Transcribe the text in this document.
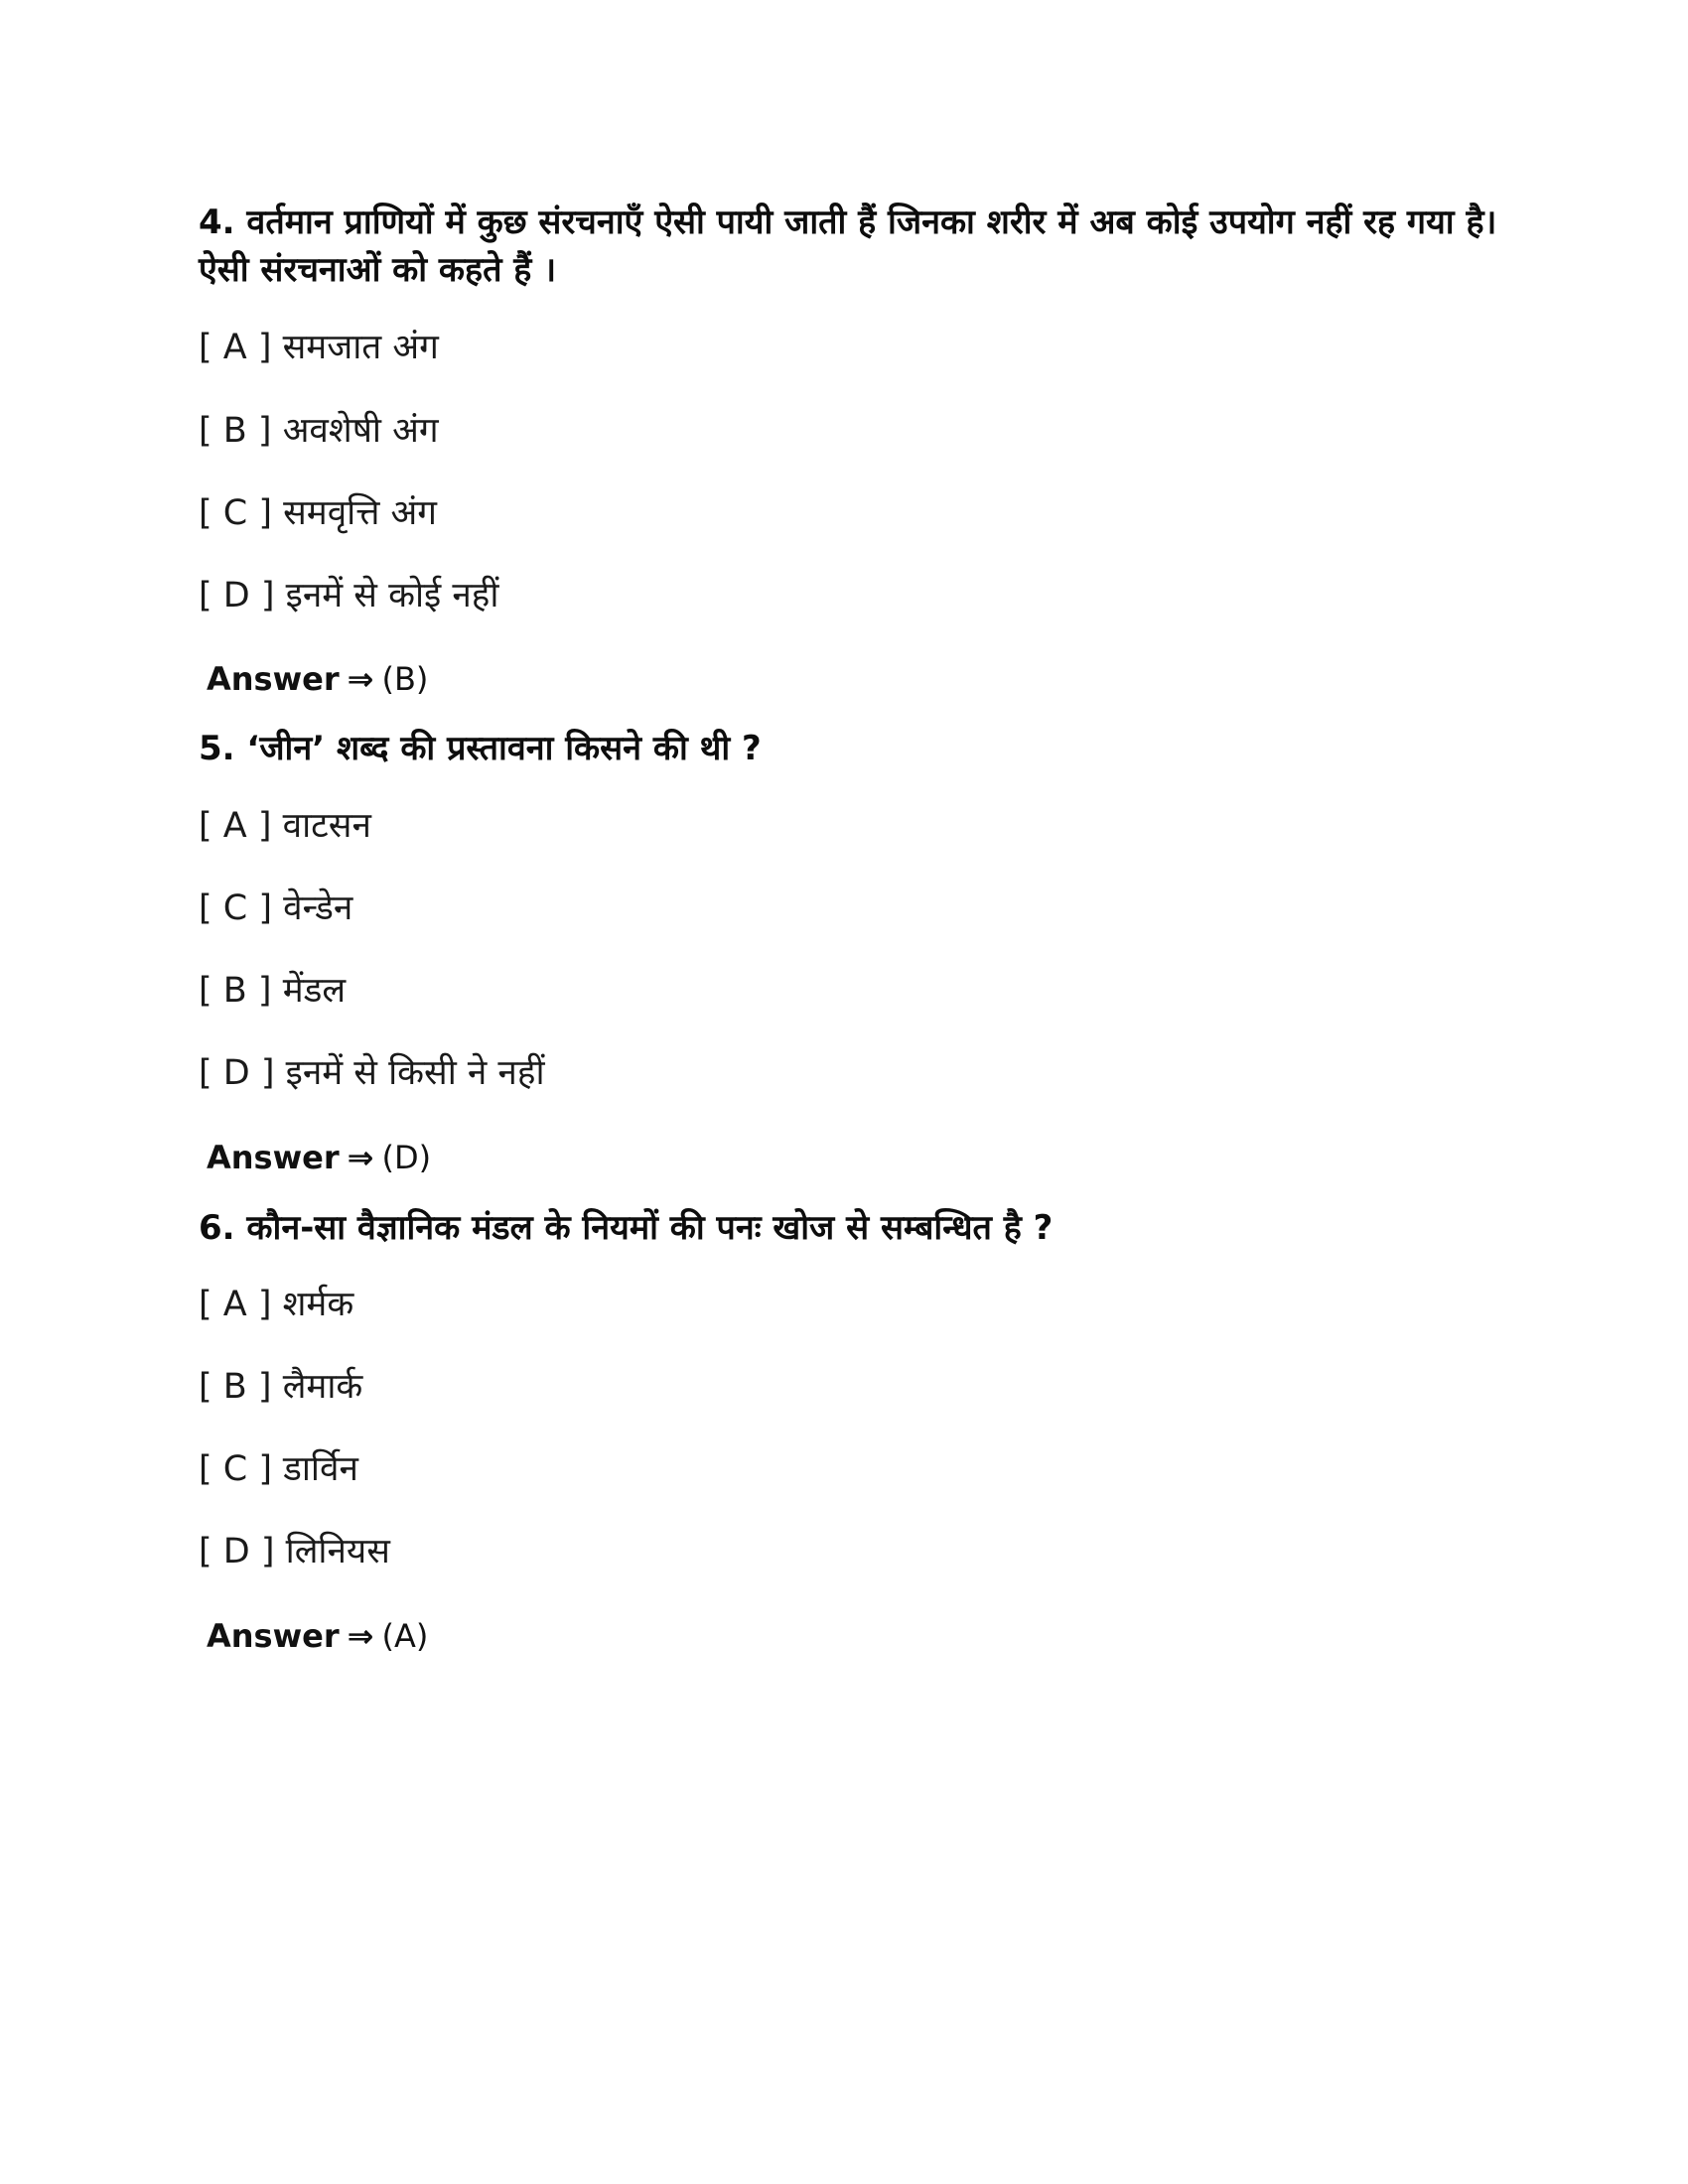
4. वर्तमान प्राणियों में कुछ संरचनाएँ ऐसी पायी जाती हैं जिनका शरीर में अब कोई उपयोग नहीं रह गया है। ऐसी संरचनाओं को कहते हैं ।
[ A ] समजात अंग
[ B ] अवशेषी अंग
[ C ] समवृत्ति अंग
[ D ] इनमें से कोई नहीं
Answer ⇒ (B)
5. ‘जीन’ शब्द की प्रस्तावना किसने की थी ?
[ A ] वाटसन
[ C ] वेन्डेन
[ B ] मेंडल
[ D ] इनमें से किसी ने नहीं
Answer ⇒ (D)
6. कौन-सा वैज्ञानिक मंडल के नियमों की पनः खोज से सम्बन्धित है ?
[ A ] शर्मक
[ B ] लैमार्क
[ C ] डार्विन
[ D ] लिनियस
Answer ⇒ (A)
